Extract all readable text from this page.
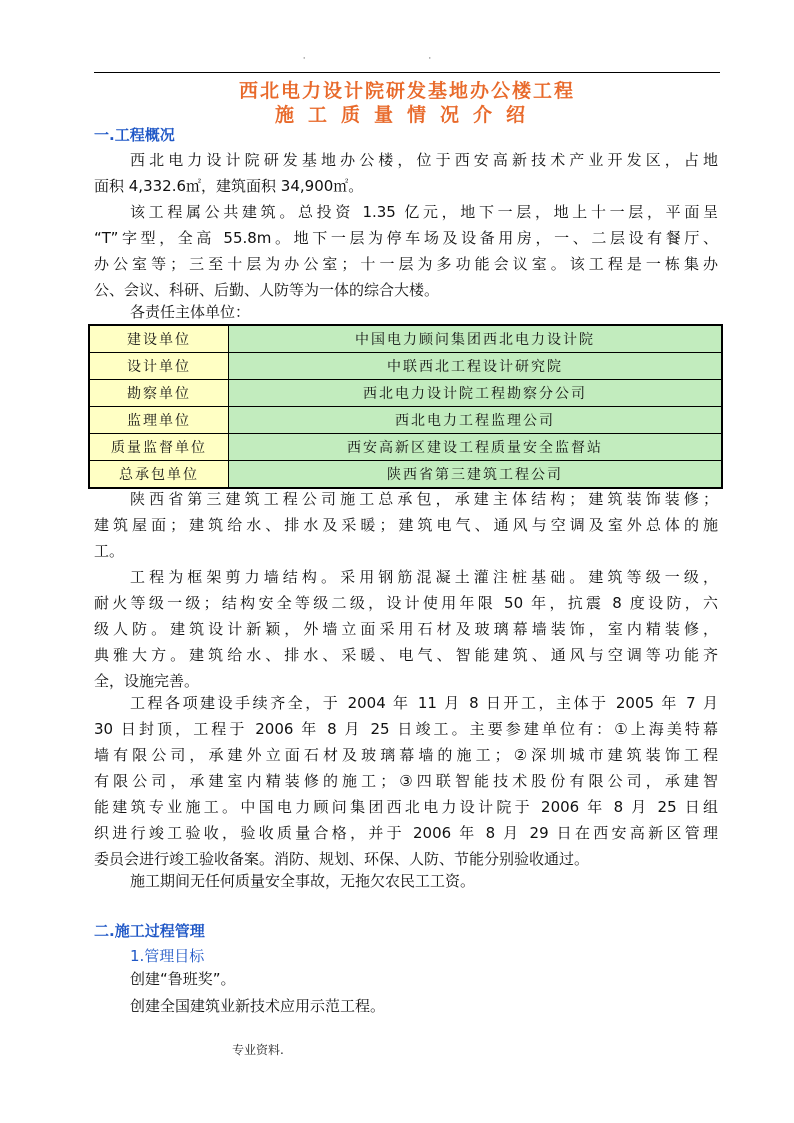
· ·
西北电力设计院研发基地办公楼工程
施工质量情况介绍
一.工程概况
西北电力设计院研发基地办公楼，位于西安高新技术产业开发区，占地
面积 4,332.6㎡，建筑面积 34,900㎡。
该工程属公共建筑。总投资 1.35 亿元，地下一层，地上十一层，平面呈
“T”字型，全高 55.8m。地下一层为停车场及设备用房，一、二层设有餐厅、
办公室等；三至十层为办公室；十一层为多功能会议室。该工程是一栋集办
公、会议、科研、后勤、人防等为一体的综合大楼。
各责任主体单位：
建设单位	中国电力顾问集团西北电力设计院
设计单位	中联西北工程设计研究院
勘察单位	西北电力设计院工程勘察分公司
监理单位	西北电力工程监理公司
质量监督单位	西安高新区建设工程质量安全监督站
总承包单位	陕西省第三建筑工程公司
陕西省第三建筑工程公司施工总承包，承建主体结构；建筑装饰装修；
建筑屋面；建筑给水、排水及采暖；建筑电气、通风与空调及室外总体的施
工。
工程为框架剪力墙结构。采用钢筋混凝土灌注桩基础。建筑等级一级，
耐火等级一级；结构安全等级二级，设计使用年限 50 年，抗震 8 度设防，六
级人防。建筑设计新颖，外墙立面采用石材及玻璃幕墙装饰，室内精装修，
典雅大方。建筑给水、排水、采暖、电气、智能建筑、通风与空调等功能齐
全，设施完善。
工程各项建设手续齐全，于 2004 年 11 月 8 日开工，主体于 2005 年 7 月
30 日封顶，工程于 2006 年 8 月 25 日竣工。主要参建单位有：①上海美特幕
墙有限公司，承建外立面石材及玻璃幕墙的施工；②深圳城市建筑装饰工程
有限公司，承建室内精装修的施工；③四联智能技术股份有限公司，承建智
能建筑专业施工。中国电力顾问集团西北电力设计院于 2006 年 8 月 25 日组
织进行竣工验收，验收质量合格，并于 2006 年 8 月 29 日在西安高新区管理
委员会进行竣工验收备案。消防、规划、环保、人防、节能分别验收通过。
施工期间无任何质量安全事故，无拖欠农民工工资。
二.施工过程管理
1.管理目标
创建“鲁班奖”。
创建全国建筑业新技术应用示范工程。
专业资料.
